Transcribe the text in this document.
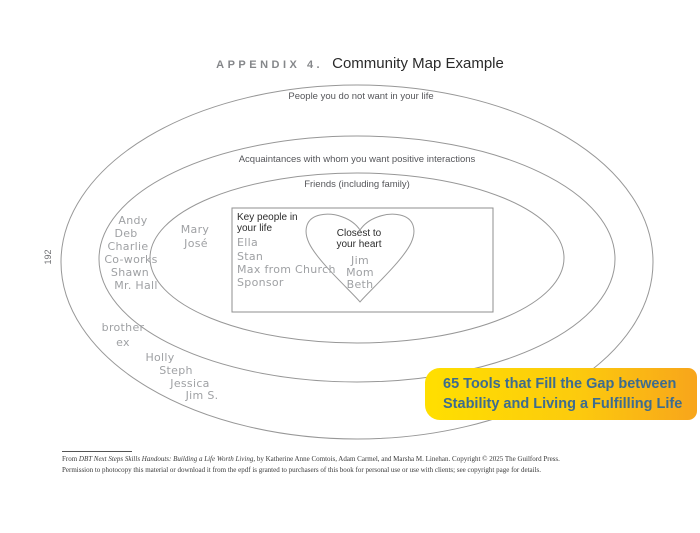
APPENDIX 4. Community Map Example
People you do not want in your life
Acquaintances with whom you want positive interactions
Friends (including family)
Key people in
your life
Ella
Stan
Max from Church
Sponsor
Closest to
your heart
Jim
Mom
Beth
Andy
Deb
Charlie
Co-works
Shawn
Mr. Hall
Mary
José
brother
ex
Holly
Steph
Jessica
Jim S.
192
65 Tools that Fill the Gap between
Stability and Living a Fulfilling Life
From DBT Next Steps Skills Handouts: Building a Life Worth Living, by Katherine Anne Comtois, Adam Carmel, and Marsha M. Linehan. Copyright © 2025 The Guilford Press.
Permission to photocopy this material or download it from the epdf is granted to purchasers of this book for personal use or use with clients; see copyright page for details.
